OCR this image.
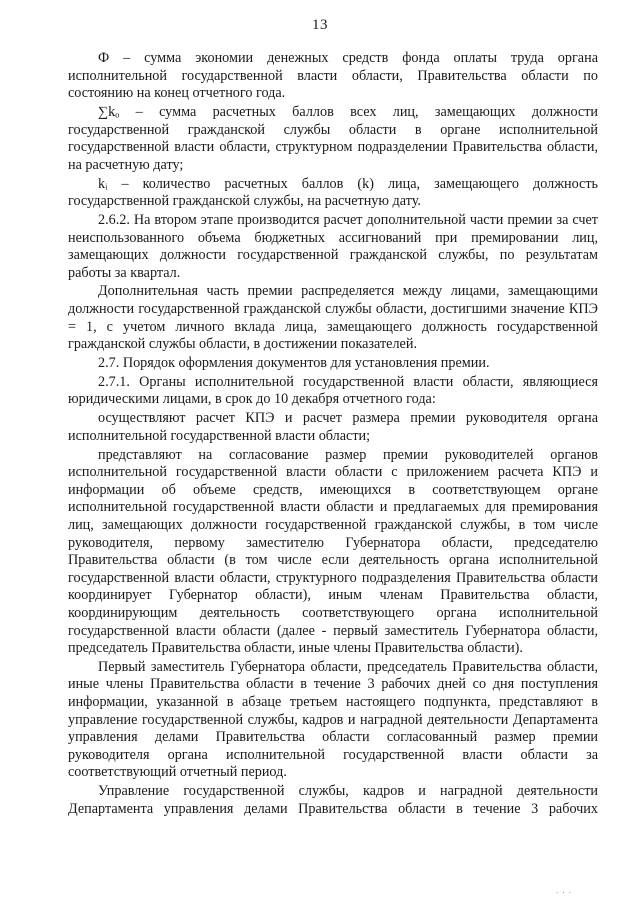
13

Ф – сумма экономии денежных средств фонда оплаты труда органа исполнительной государственной власти области, Правительства области по состоянию на конец отчетного года.

∑kₒ – сумма расчетных баллов всех лиц, замещающих должности государственной гражданской службы области в органе исполнительной государственной власти области, структурном подразделении Правительства области, на расчетную дату;

kᵢ – количество расчетных баллов (k) лица, замещающего должность государственной гражданской службы, на расчетную дату.

2.6.2. На втором этапе производится расчет дополнительной части премии за счет неиспользованного объема бюджетных ассигнований при премировании лиц, замещающих должности государственной гражданской службы, по результатам работы за квартал.

Дополнительная часть премии распределяется между лицами, замещающими должности государственной гражданской службы области, достигшими значение КПЭ = 1, с учетом личного вклада лица, замещающего должность государственной гражданской службы области, в достижении показателей.

2.7. Порядок оформления документов для установления премии.

2.7.1. Органы исполнительной государственной власти области, являющиеся юридическими лицами, в срок до 10 декабря отчетного года:

осуществляют расчет КПЭ и расчет размера премии руководителя органа исполнительной государственной власти области;

представляют на согласование размер премии руководителей органов исполнительной государственной власти области с приложением расчета КПЭ и информации об объеме средств, имеющихся в соответствующем органе исполнительной государственной власти области и предлагаемых для премирования лиц, замещающих должности государственной гражданской службы, в том числе руководителя, первому заместителю Губернатора области, председателю Правительства области (в том числе если деятельность органа исполнительной государственной власти области, структурного подразделения Правительства области координирует Губернатор области), иным членам Правительства области, координирующим деятельность соответствующего органа исполнительной государственной власти области (далее - первый заместитель Губернатора области, председатель Правительства области, иные члены Правительства области).

Первый заместитель Губернатора области, председатель Правительства области, иные члены Правительства области в течение 3 рабочих дней со дня поступления информации, указанной в абзаце третьем настоящего подпункта, представляют в управление государственной службы, кадров и наградной деятельности Департамента управления делами Правительства области согласованный размер премии руководителя органа исполнительной государственной власти области за соответствующий отчетный период.

Управление государственной службы, кадров и наградной деятельности Департамента управления делами Правительства области в течение 3 рабочих

· · ·
